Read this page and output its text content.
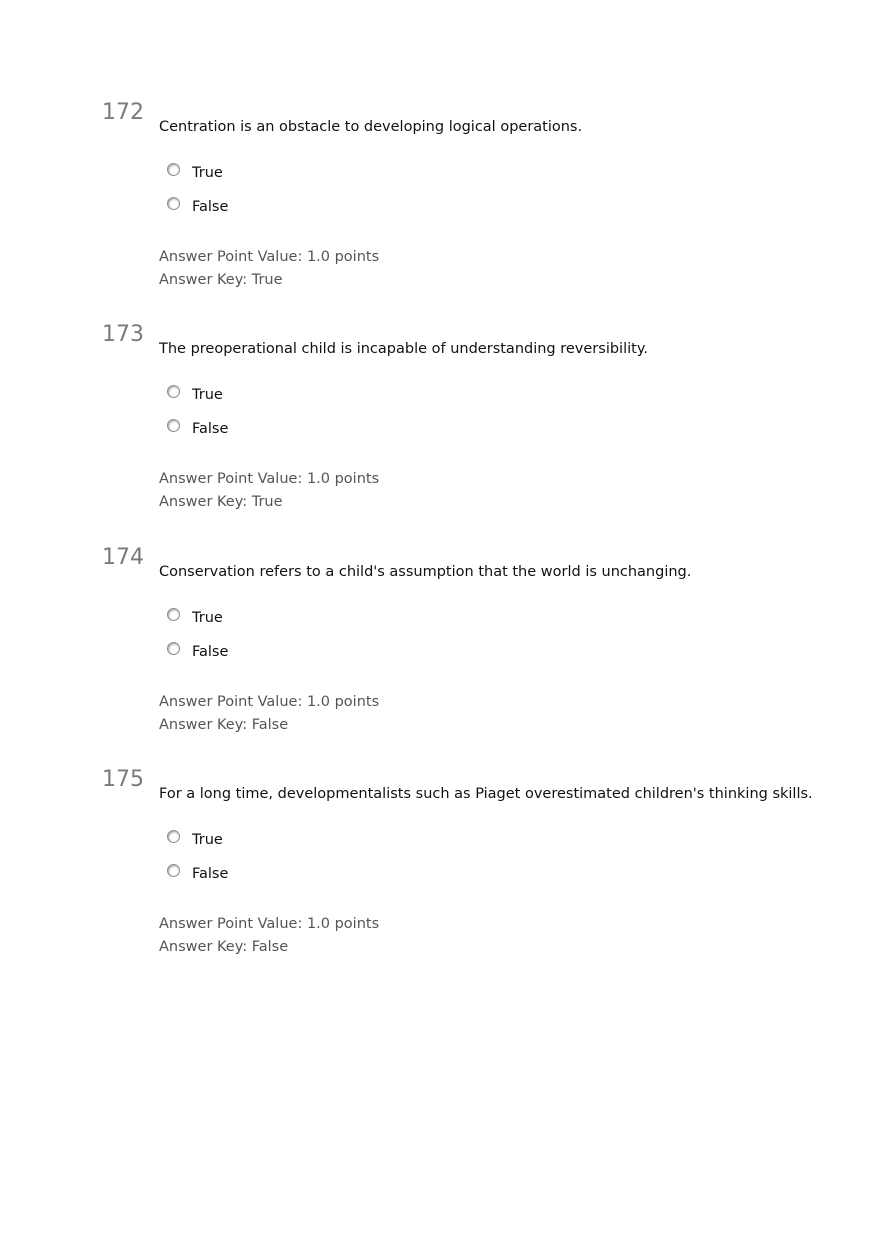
172
Centration is an obstacle to developing logical operations.
True
False
Answer Point Value: 1.0 points
Answer Key: True
173
The preoperational child is incapable of understanding reversibility.
True
False
Answer Point Value: 1.0 points
Answer Key: True
174
Conservation refers to a child's assumption that the world is unchanging.
True
False
Answer Point Value: 1.0 points
Answer Key: False
175
For a long time, developmentalists such as Piaget overestimated children's thinking skills.
True
False
Answer Point Value: 1.0 points
Answer Key: False
